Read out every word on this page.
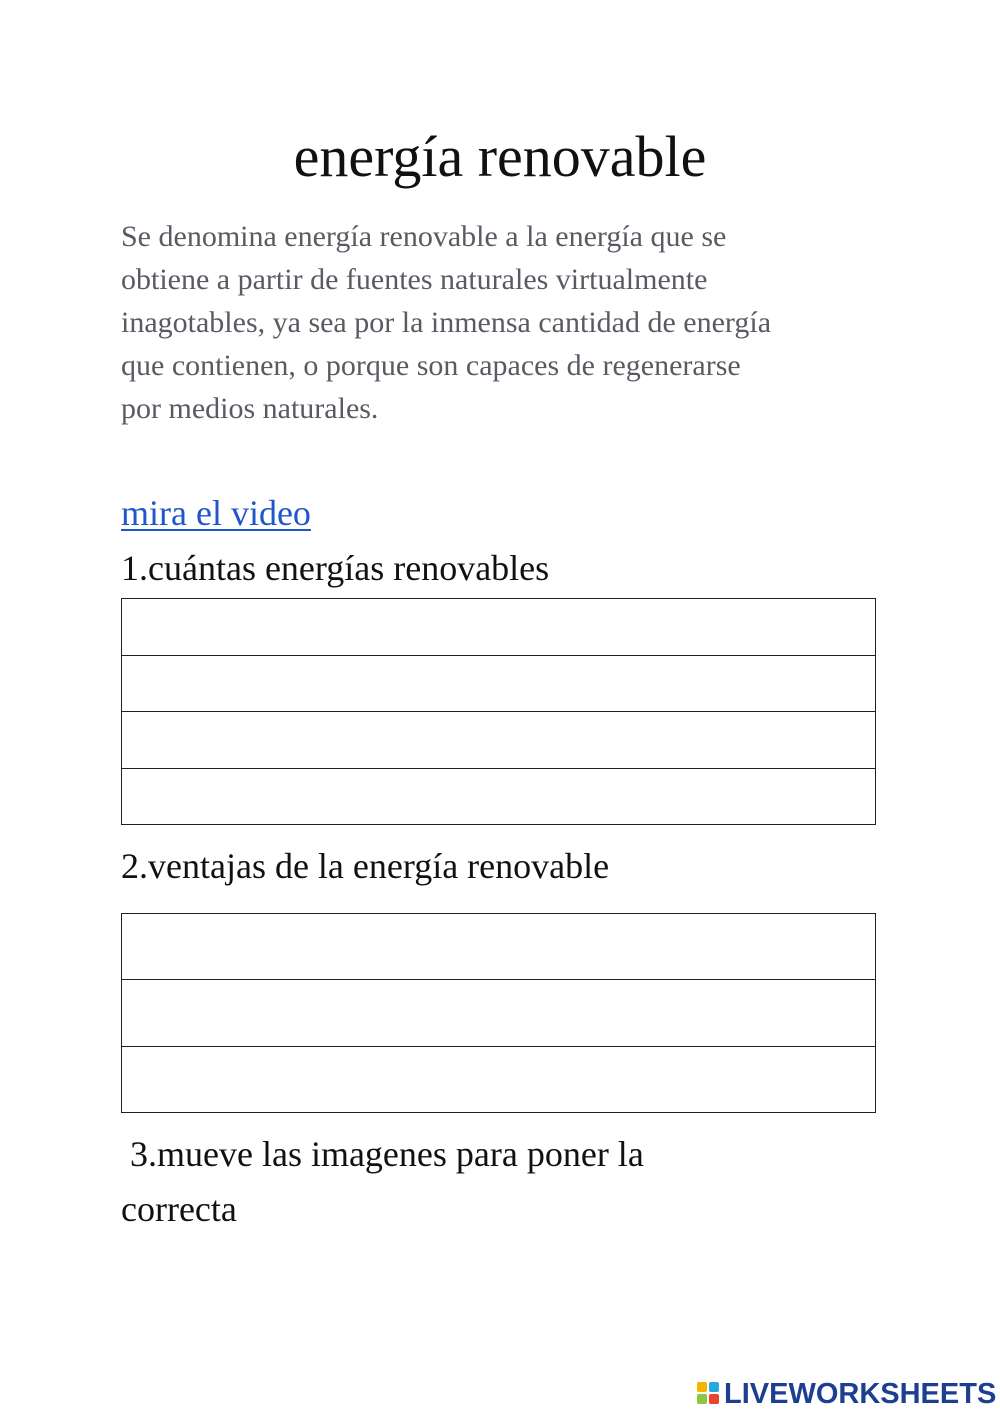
energía renovable

Se denomina energía renovable a la energía que se
obtiene a partir de fuentes naturales virtualmente
inagotables, ya sea por la inmensa cantidad de energía
que contienen, o porque son capaces de regenerarse
por medios naturales.

mira el video

1.cuántas energías renovables

2.ventajas de la energía renovable

3.mueve las imagenes para poner la

correcta

LIVEWORKSHEETS
